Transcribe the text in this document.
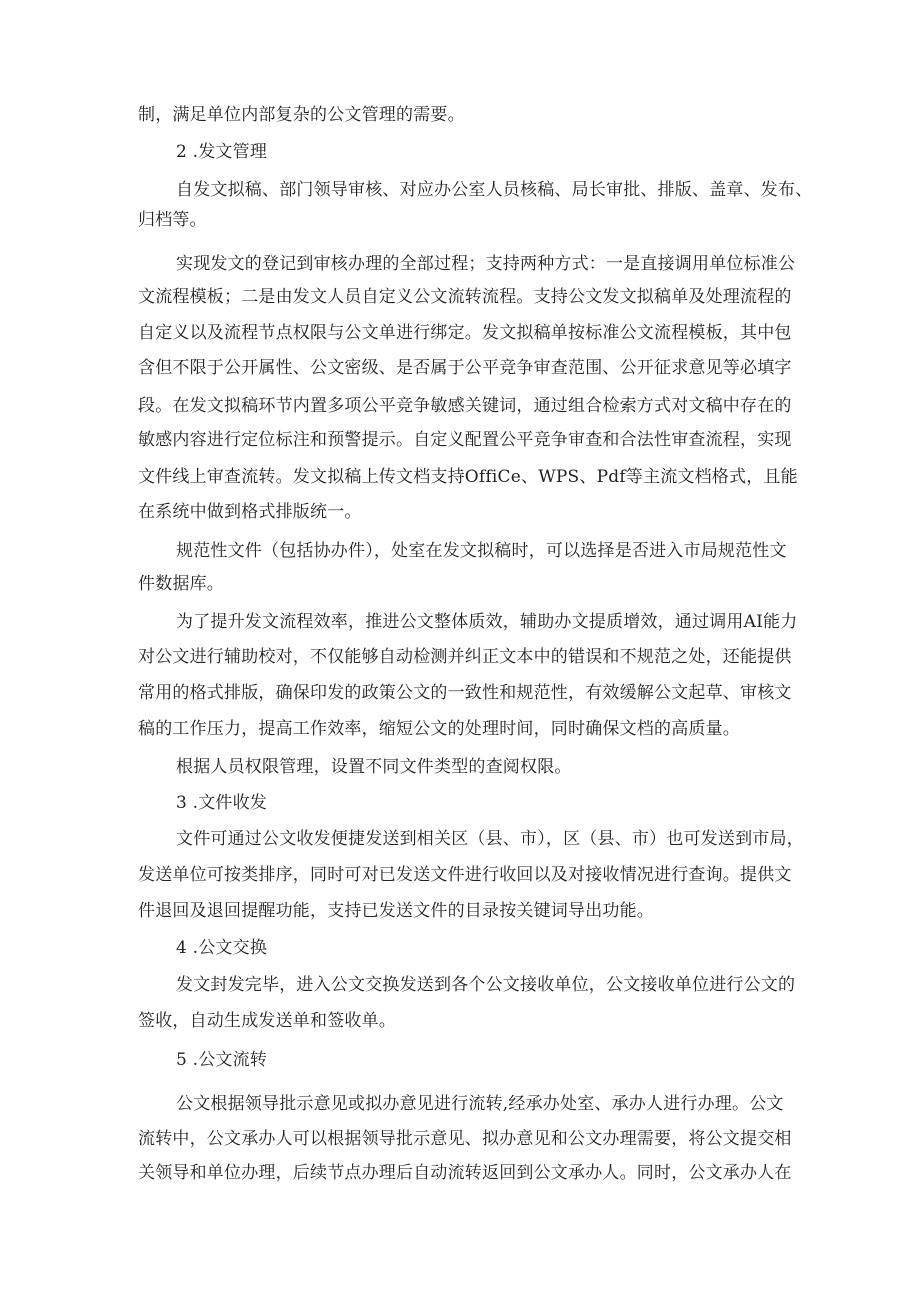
制，满足单位内部复杂的公文管理的需要。
2 .发文管理
自发文拟稿、部门领导审核、对应办公室人员核稿、局长审批、排版、盖章、发布、
归档等。
实现发文的登记到审核办理的全部过程；支持两种方式：一是直接调用单位标准公
文流程模板；二是由发文人员自定义公文流转流程。支持公文发文拟稿单及处理流程的
自定义以及流程节点权限与公文单进行绑定。发文拟稿单按标准公文流程模板，其中包
含但不限于公开属性、公文密级、是否属于公平竞争审查范围、公开征求意见等必填字
段。在发文拟稿环节内置多项公平竞争敏感关键词，通过组合检索方式对文稿中存在的
敏感内容进行定位标注和预警提示。自定义配置公平竞争审查和合法性审查流程，实现
文件线上审查流转。发文拟稿上传文档支持OffiCe、WPS、Pdf等主流文档格式，且能
在系统中做到格式排版统一。
规范性文件（包括协办件），处室在发文拟稿时，可以选择是否进入市局规范性文
件数据库。
为了提升发文流程效率，推进公文整体质效，辅助办文提质增效，通过调用AI能力
对公文进行辅助校对，不仅能够自动检测并纠正文本中的错误和不规范之处，还能提供
常用的格式排版，确保印发的政策公文的一致性和规范性，有效缓解公文起草、审核文
稿的工作压力，提高工作效率，缩短公文的处理时间，同时确保文档的高质量。
根据人员权限管理，设置不同文件类型的查阅权限。
3 .文件收发
文件可通过公文收发便捷发送到相关区（县、市），区（县、市）也可发送到市局，
发送单位可按类排序，同时可对已发送文件进行收回以及对接收情况进行查询。提供文
件退回及退回提醒功能，支持已发送文件的目录按关键词导出功能。
4 .公文交换
发文封发完毕，进入公文交换发送到各个公文接收单位，公文接收单位进行公文的
签收，自动生成发送单和签收单。
5 .公文流转
公文根据领导批示意见或拟办意见进行流转,经承办处室、承办人进行办理。公文
流转中，公文承办人可以根据领导批示意见、拟办意见和公文办理需要，将公文提交相
关领导和单位办理，后续节点办理后自动流转返回到公文承办人。同时，公文承办人在
